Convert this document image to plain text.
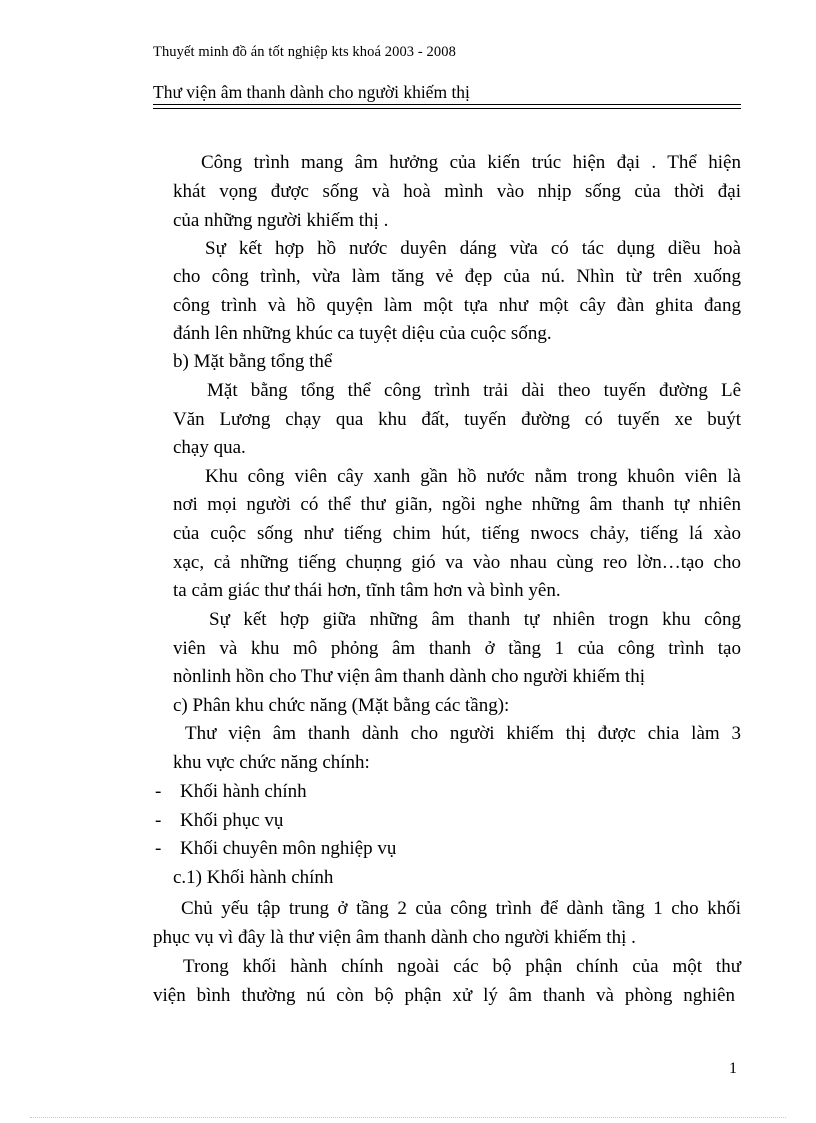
Thuyết minh đồ án tốt nghiệp kts khoá 2003 - 2008
Thư viện âm thanh dành cho người khiếm thị
Công trình mang âm hưởng của kiến trúc hiện đại . Thể hiện
khát vọng được sống và hoà mình vào nhịp sống của thời đại
của những người khiếm thị .
Sự kết hợp hồ nước duyên dáng vừa có tác dụng diều hoà
cho công trình, vừa làm tăng vẻ đẹp của nú. Nhìn từ trên xuống
công trình và hồ quyện làm một tựa như một cây đàn ghita đang
đánh lên những khúc ca tuyệt diệu của cuộc sống.
b) Mặt bằng tổng thể
Mặt bằng tổng thể công trình trải dài theo tuyến đường Lê
Văn Lương chạy qua khu đất, tuyến đường có tuyến xe buýt
chạy qua.
Khu công viên cây xanh gần hồ nước nằm trong khuôn viên là
nơi mọi người có thể thư giãn, ngồi nghe những âm thanh tự nhiên
của cuộc sống như tiếng chim hút, tiếng nwocs chảy, tiếng lá xào
xạc, cả những tiếng chuṇng gió va vào nhau cùng reo lờn…tạo cho
ta cảm giác thư thái hơn, tĩnh tâm hơn và bình yên.
Sự kết hợp giữa những âm thanh tự nhiên trogn khu công
viên và khu mô phỏng âm thanh ở tầng 1 của công trình tạo
nònlinh hồn cho Thư viện âm thanh dành cho người khiếm thị
c) Phân khu chức năng (Mặt bằng các tầng):
Thư viện âm thanh dành cho người khiếm thị được chia làm 3
khu vực chức năng chính:
- Khối hành chính
- Khối phục vụ
- Khối chuyên môn nghiệp vụ
c.1) Khối hành chính
Chủ yếu tập trung ở tầng 2 của công trình để dành tầng 1 cho khối
phục vụ vì đây là thư viện âm thanh dành cho người khiếm thị .
Trong khối hành chính ngoài các bộ phận chính của một thư
viện bình thường nú còn bộ phận xử lý âm thanh và phòng nghiên
1
